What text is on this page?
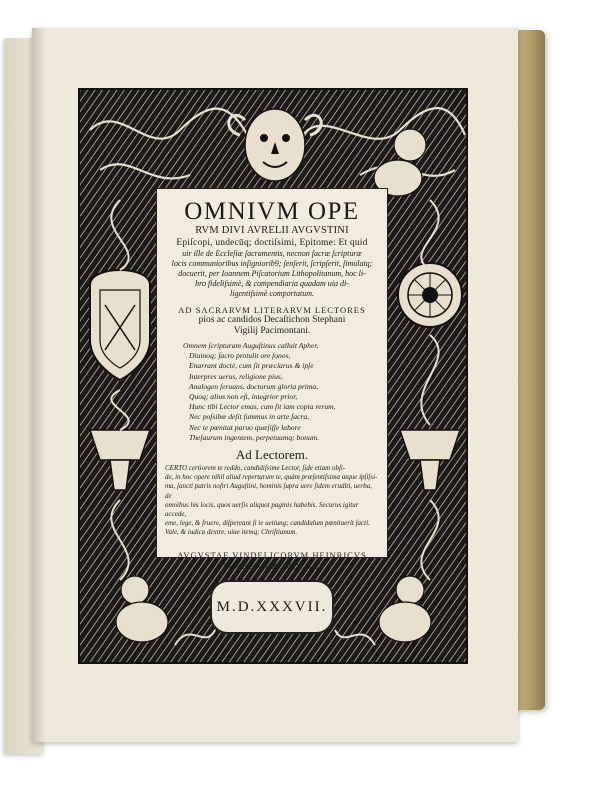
OMNIVM OPE
RVM DIVI AVRELII AVGVSTINI
Epiſcopi, undecūq; doctiſsimi, Epitome: Et quid
uir ille de Eccleſiæ ſacramentis, necnon ſacræ ſcripturæ
locis communioribus inſigniorib9; ſenſerit, ſcripſerit, ſimulatq;
docuerit, per Ioannem Piſcatorium Lithopolitanum, hoc li-
bro fideliſsimè, & compendiaria quadam uia di-
ligentiſsimè comportatum.
AD SACRARVM LITERARVM LECTORES
pios ac candidos Decaſtichon Stephani
Vigilij Pacimontani.
Omnem ſcripturam Auguſtinus calluit Apher,
Diuinoq; ſacro protulit ore ſonos,
Enarrant doctè, cum ſit præclarus & ipſe
Interpres uerus, religione pius,
Analogen ſeruans, doctorum gloria prima,
Quoq; alius non eſt, integrior prior,
Hunc tibi Lector emas, cum ſit iam copia rerum,
Nec poſsibæ deſit ſummus in arte ſacra,
Nec te pœnitat paruo quæſiſſe labore
Theſaurum ingentem, perpetuumq; bonum.
Ad Lectorem.
CERTO certiorem te reddo, candidiſsime Lector, ſide etiam obſi-
de, in hoc opere nihil aliud reperturum te, quàm præſentiſsima atque ipſiſsi-
ma, ſancti patris noſtri Auguſtini, hominis ſupra uere ſidem eruditi, uerba, de
omnibus his locis, quos uerſis aliquot paginis habebis. Securus igitur accede,
eme, lege, & fruere, diſpereant ſi te uetiung; candidulum pœnituerit ſacti.
Vale, & iudica dextre, uiue itemq; Chriſtianum.
AVGVSTAE VINDELICORVM HEINRICVS
STEYNER EXCVDEBAT.
M.D.XXXVII.
